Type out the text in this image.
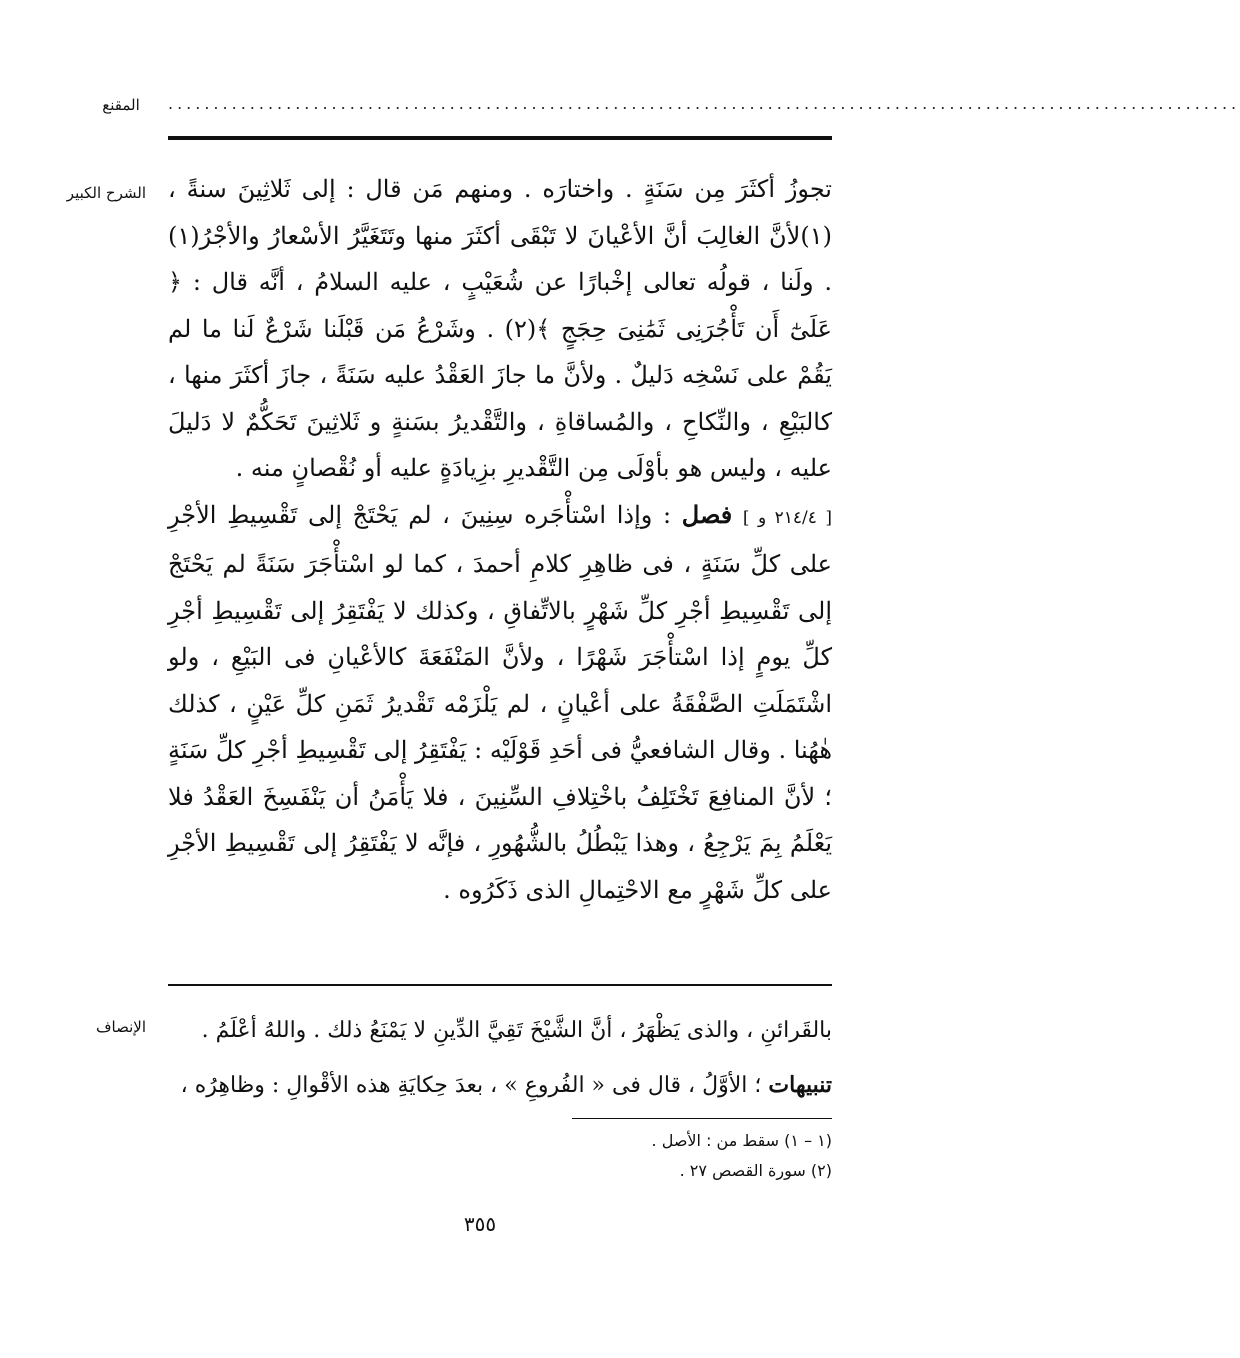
المقنع	......................................................................................................................
الشرح الكبير تجوزُ أكثَرَ مِن سَنَةٍ . واختارَه . ومنهم مَن قال : إلى ثَلاثِينَ سنةً ، (١)لأنَّ الغالِبَ أنَّ الأعْيانَ لا تَبْقَى أكثَرَ منها وتَتَغَيَّرُ الأسْعارُ والأجْرُ(١) . ولَنا ، قولُه تعالى إخْبارًا عن شُعَيْبٍ ، عليه السلامُ ، أنَّه قال : ﴿ عَلَىٰٓ أَن تَأْجُرَنِى ثَمَٰنِىَ حِجَجٍ ﴾(٢) . وشَرْعُ مَن قَبْلَنا شَرْعٌ لَنا ما لم يَقُمْ على نَسْخِه دَليلٌ . ولأنَّ ما جازَ العَقْدُ عليه سَنَةً ، جازَ أكثَرَ منها ، كالبَيْعِ ، والنِّكاحِ ، والمُساقاةِ ، والتَّقْديرُ بسَنةٍ و ثَلاثِينَ تَحَكُّمٌ لا دَليلَ عليه ، وليس هو بأوْلَى مِن التَّقْديرِ بزِيادَةٍ عليه أو نُقْصانٍ منه .

[ ٢١٤/٤ و ] فصل : وإذا اسْتأْجَره سِنِينَ ، لم يَحْتَجْ إلى تَقْسِيطِ الأجْرِ على كلِّ سَنَةٍ ، فى ظاهِرِ كلامِ أحمدَ ، كما لو اسْتأْجَرَ سَنَةً لم يَحْتَجْ إلى تَقْسِيطِ أجْرِ كلِّ شَهْرٍ بالاتِّفاقِ ، وكذلك لا يَفْتَقِرُ إلى تَقْسِيطِ أجْرِ كلِّ يومٍ إذا اسْتأْجَرَ شَهْرًا ، ولأنَّ المَنْفَعَةَ كالأعْيانِ فى البَيْعِ ، ولو اشْتَمَلَتِ الصَّفْقَةُ على أعْيانٍ ، لم يَلْزَمْه تَقْديرُ ثَمَنِ كلِّ عَيْنٍ ، كذلك هٰهُنا . وقال الشافعيُّ فى أحَدِ قَوْلَيْه : يَفْتَقِرُ إلى تَقْسِيطِ أجْرِ كلِّ سَنَةٍ ؛ لأنَّ المنافِعَ تَخْتَلِفُ باخْتِلافِ السِّنِينَ ، فلا يَأْمَنُ أن يَنْفَسِخَ العَقْدُ فلا يَعْلَمُ بِمَ يَرْجِعُ ، وهذا يَبْطُلُ بالشُّهُورِ ، فإنَّه لا يَفْتَقِرُ إلى تَقْسِيطِ الأجْرِ على كلِّ شَهْرٍ مع الاحْتِمالِ الذى ذَكَرُوه .

الإنصاف	بالقَرائنِ ، والذى يَظْهَرُ ، أنَّ الشَّيْخَ تَقِيَّ الدِّينِ لا يَمْنَعُ ذلك . واللهُ أعْلَمُ .

تنبيهات ؛ الأوَّلُ ، قال فى « الفُروعِ » ، بعدَ حِكايَةِ هذه الأقْوالِ : وظاهِرُه ،

(١ – ١) سقط من : الأصل .
(٢) سورة القصص ٢٧ .
٣٥٥
